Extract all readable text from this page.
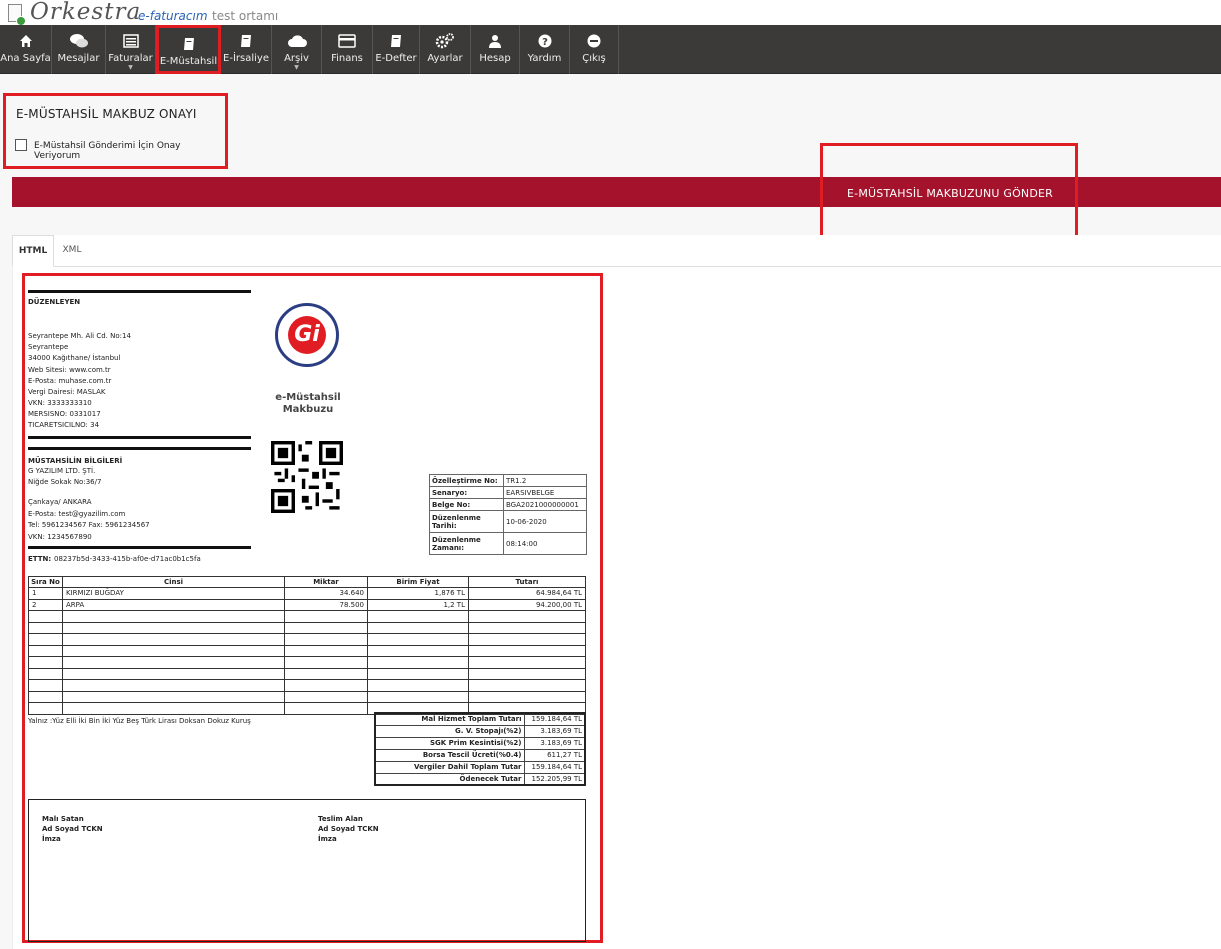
Orkestra
e-faturacım test ortamı
Ana Sayfa Mesajlar Faturalar
▼
E-Müstahsil E-İrsaliye	Arşiv
▼
Finans	E-Defter	Ayarlar	Hesap
?
Yardım	Çıkış
E-MÜSTAHSİL MAKBUZ ONAYI
E-Müstahsil Gönderimi İçin Onay Veriyorum
E-MÜSTAHSİL MAKBUZUNU GÖNDER
HTML	XML
DÜZENLEYEN
Seyrantepe Mh. Ali Cd. No:14
Seyrantepe
34000 Kağıthane/ İstanbul
Web Sitesi: www.com.tr
E-Posta: muhase.com.tr
Vergi Dairesi: MASLAK
VKN: 3333333310
MERSISNO: 0331017
TICARETSICILNO: 34
MÜSTAHSİLİN BİLGİLERİ
G YAZILIM LTD. ŞTİ.
Niğde Sokak No:36/7
Çankaya/ ANKARA
E-Posta: test@gyazilim.com
Tel: 5961234567 Fax: 5961234567
VKN: 1234567890
ETTN: 08237b5d-3433-415b-af0e-d71ac0b1c5fa
Gi
e-Müstahsil
Makbuzu
Özelleştirme No:	TR1.2
Senaryo:	EARSIVBELGE
Belge No:	BGA2021000000001
Düzenlenme Tarihi:	10-06-2020
Düzenlenme Zamanı:	08:14:00
Sıra No	Cinsi	Miktar	Birim Fiyat	Tutarı
1	KIRMIZI BUĞDAY	34.640	1,876 TL	64.984,64 TL
2	ARPA	78.500	1,2 TL	94.200,00 TL

Yalnız :Yüz Elli İki Bin İki Yüz Beş Türk Lirası Doksan Dokuz Kuruş	Mal Hizmet Toplam Tutarı	159.184,64 TL
G. V. Stopajı(%2)	3.183,69 TL
SGK Prim Kesintisi(%2)	3.183,69 TL
Borsa Tescil Ücreti(%0.4)	611,27 TL
Vergiler Dahil Toplam Tutar	159.184,64 TL
Ödenecek Tutar	152.205,99 TL
Malı Satan
Ad Soyad TCKN
İmza
Teslim Alan
Ad Soyad TCKN
İmza
